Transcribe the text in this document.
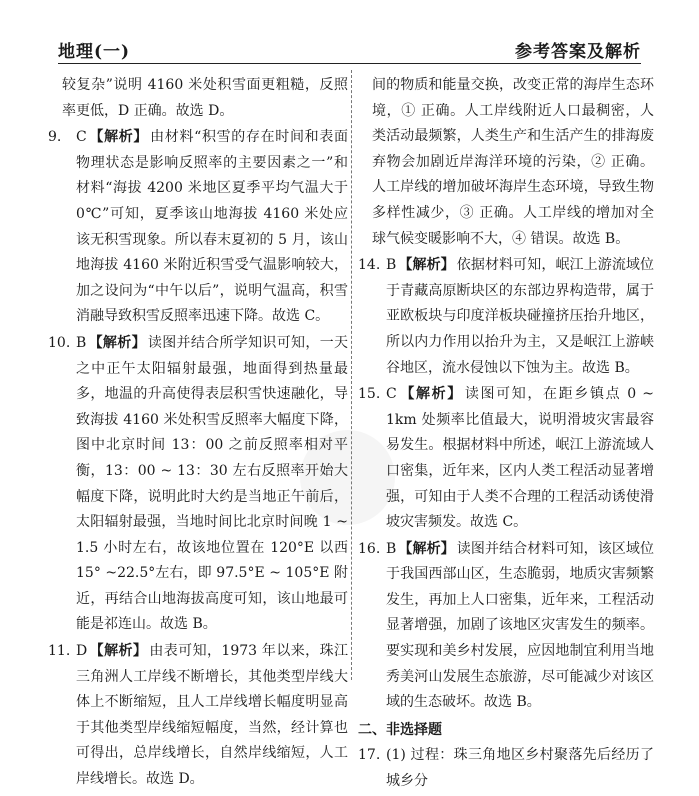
地理(一)	参考答案及解析
较复杂”说明 4160 米处积雪面更粗糙，反照率更低，D 正确。故选 D。
9. C 【解析】 由材料“积雪的存在时间和表面物理状态是影响反照率的主要因素之一”和材料“海拔 4200 米地区夏季平均气温大于 0℃”可知，夏季该山地海拔 4160 米处应该无积雪现象。所以春末夏初的 5 月，该山地海拔 4160 米附近积雪受气温影响较大，加之设问为“中午以后”，说明气温高，积雪消融导致积雪反照率迅速下降。故选 C。
10. B 【解析】 读图并结合所学知识可知，一天之中正午太阳辐射最强，地面得到热量最多，地温的升高使得表层积雪快速融化，导致海拔 4160 米处积雪反照率大幅度下降，图中北京时间 13：00 之前反照率相对平衡，13：00 ~ 13：30 左右反照率开始大幅度下降，说明此时大约是当地正午前后，太阳辐射最强，当地时间比北京时间晚 1 ~ 1.5 小时左右，故该地位置在 120°E 以西 15° ~22.5°左右，即 97.5°E ~ 105°E 附近，再结合山地海拔高度可知，该山地最可能是祁连山。故选 B。
11. D 【解析】 由表可知，1973 年以来，珠江三角洲人工岸线不断增长，其他类型岸线大体上不断缩短，且人工岸线增长幅度明显高于其他类型岸线缩短幅度，当然，经计算也可得出，总岸线增长，自然岸线缩短，人工岸线增长。故选 D。
间的物质和能量交换，改变正常的海岸生态环境，① 正确。人工岸线附近人口最稠密，人类活动最频繁，人类生产和生活产生的排海废弃物会加剧近岸海洋环境的污染，② 正确。人工岸线的增加破坏海岸生态环境，导致生物多样性减少，③ 正确。人工岸线的增加对全球气候变暖影响不大，④ 错误。故选 B。
14. B 【解析】 依据材料可知，岷江上游流域位于青藏高原断块区的东部边界构造带，属于亚欧板块与印度洋板块碰撞挤压抬升地区，所以内力作用以抬升为主，又是岷江上游峡谷地区，流水侵蚀以下蚀为主。故选 B。
15. C 【解析】 读图可知，在距乡镇点 0 ~ 1km 处频率比值最大，说明滑坡灾害最容易发生。根据材料中所述，岷江上游流域人口密集，近年来，区内人类工程活动显著增强，可知由于人类不合理的工程活动诱使滑坡灾害频发。故选 C。
16. B 【解析】 读图并结合材料可知，该区域位于我国西部山区，生态脆弱，地质灾害频繁发生，再加上人口密集，近年来，工程活动显著增强，加剧了该地区灾害发生的频率。要实现和美乡村发展，应因地制宜利用当地秀美河山发展生态旅游，尽可能减少对该区域的生态破坏。故选 B。
二、非选择题
17. (1) 过程：珠三角地区乡村聚落先后经历了城乡分
